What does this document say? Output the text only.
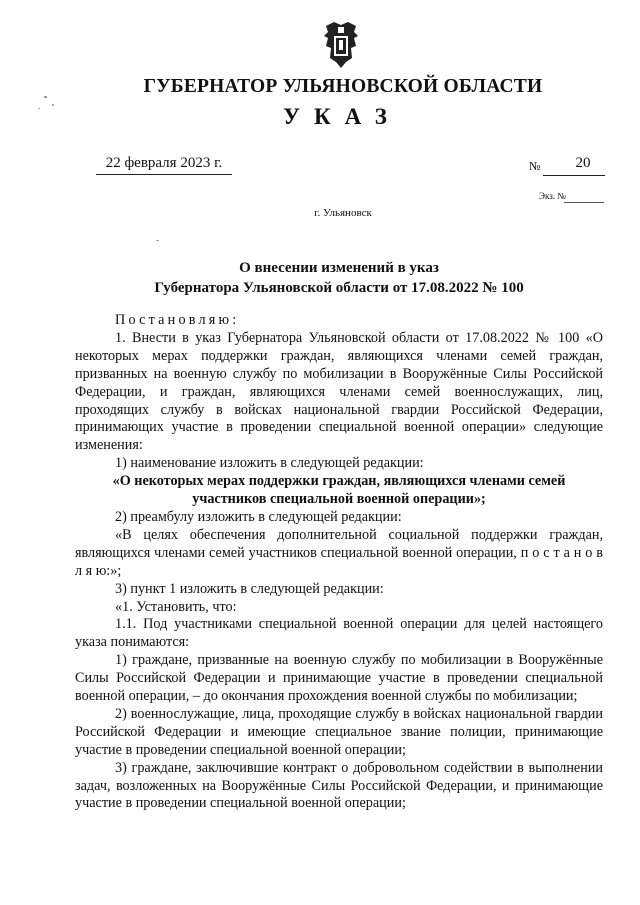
ГУБЕРНАТОР УЛЬЯНОВСКОЙ ОБЛАСТИ
УКАЗ
22 февраля 2023 г.	№	20
Экз. №
г. Ульяновск
О внесении изменений в указ
Губернатора Ульяновской области от 17.08.2022 № 100

Постановляю:

1. Внести в указ Губернатора Ульяновской области от 17.08.2022 № 100 «О некоторых мерах поддержки граждан, являющихся членами семей граждан, призванных на военную службу по мобилизации в Вооружённые Силы Российской Федерации, и граждан, являющихся членами семей военнослужащих, лиц, проходящих службу в войсках национальной гвардии Российской Федерации, принимающих участие в проведении специальной военной операции» следующие изменения:

1) наименование изложить в следующей редакции:

«О некоторых мерах поддержки граждан, являющихся членами семей участников специальной военной операции»;

2) преамбулу изложить в следующей редакции:

«В целях обеспечения дополнительной социальной поддержки граждан, являющихся членами семей участников специальной военной операции, п о с т а н о в л я ю:»;

3) пункт 1 изложить в следующей редакции:

«1. Установить, что:

1.1. Под участниками специальной военной операции для целей настоящего указа понимаются:

1) граждане, призванные на военную службу по мобилизации в Вооружённые Силы Российской Федерации и принимающие участие в проведении специальной военной операции, – до окончания прохождения военной службы по мобилизации;

2) военнослужащие, лица, проходящие службу в войсках национальной гвардии Российской Федерации и имеющие специальное звание полиции, принимающие участие в проведении специальной военной операции;

3) граждане, заключившие контракт о добровольном содействии в выполнении задач, возложенных на Вооружённые Силы Российской Федерации, и принимающие участие в проведении специальной военной операции;
